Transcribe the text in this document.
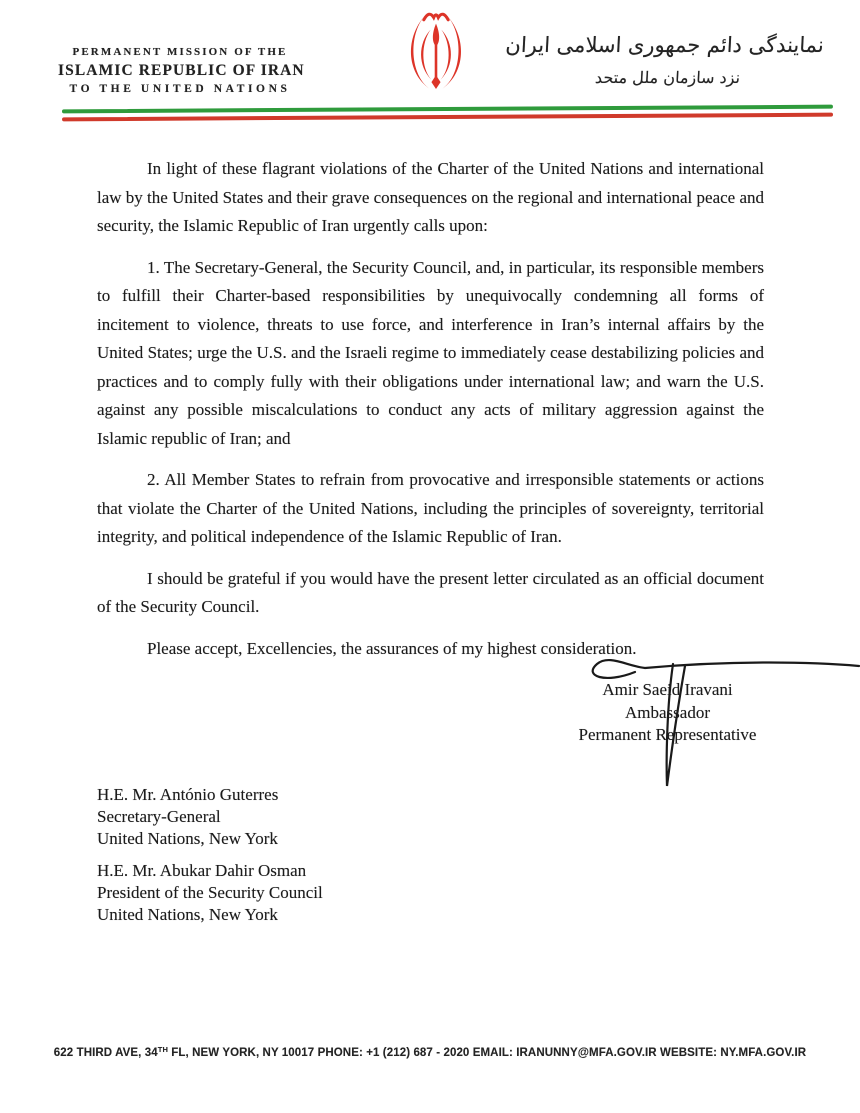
PERMANENT MISSION OF THE
ISLAMIC REPUBLIC OF IRAN
TO THE UNITED NATIONS
نمایندگی دائم جمهوری اسلامی ایران
نزد سازمان ملل متحد

In light of these flagrant violations of the Charter of the United Nations and international law by the United States and their grave consequences on the regional and international peace and security, the Islamic Republic of Iran urgently calls upon:

1. The Secretary-General, the Security Council, and, in particular, its responsible members to fulfill their Charter-based responsibilities by unequivocally condemning all forms of incitement to violence, threats to use force, and interference in Iran’s internal affairs by the United States; urge the U.S. and the Israeli regime to immediately cease destabilizing policies and practices and to comply fully with their obligations under international law; and warn the U.S. against any possible miscalculations to conduct any acts of military aggression against the Islamic republic of Iran; and

2. All Member States to refrain from provocative and irresponsible statements or actions that violate the Charter of the United Nations, including the principles of sovereignty, territorial integrity, and political independence of the Islamic Republic of Iran.

I should be grateful if you would have the present letter circulated as an official document of the Security Council.

Please accept, Excellencies, the assurances of my highest consideration.

Amir Saeid Iravani
Ambassador
Permanent Representative
H.E. Mr. António Guterres
Secretary-General
United Nations, New York
H.E. Mr. Abukar Dahir Osman
President of the Security Council
United Nations, New York
622 THIRD AVE, 34TH FL, NEW YORK, NY 10017 PHONE: +1 (212) 687 - 2020 EMAIL: IRANUNNY@MFA.GOV.IR WEBSITE: NY.MFA.GOV.IR
